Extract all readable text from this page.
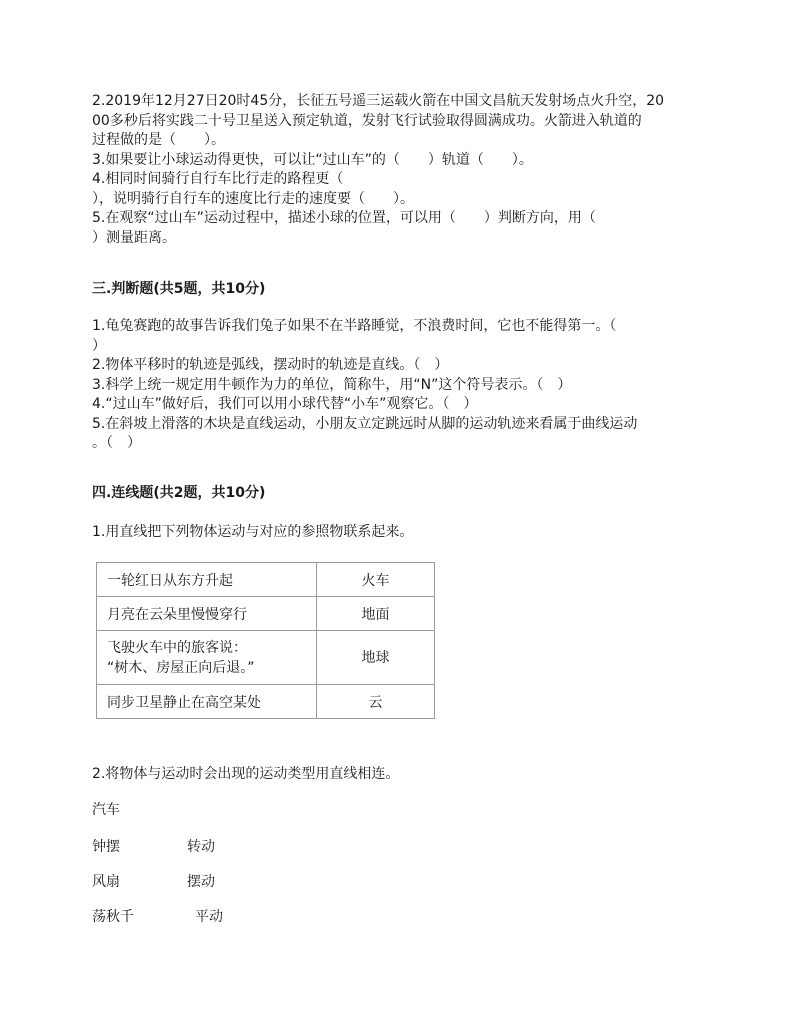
2.2019年12月27日20时45分，长征五号遥三运载火箭在中国文昌航天发射场点火升空，20
00多秒后将实践二十号卫星送入预定轨道，发射飞行试验取得圆满成功。火箭进入轨道的
过程做的是（　　）。
3.如果要让小球运动得更快，可以让“过山车”的（　　）轨道（　　）。
4.相同时间骑行自行车比行走的路程更（
），说明骑行自行车的速度比行走的速度要（　　）。
5.在观察“过山车”运动过程中，描述小球的位置，可以用（　　）判断方向，用（
）测量距离。
三.判断题(共5题，共10分)
1.龟兔赛跑的故事告诉我们兔子如果不在半路睡觉，不浪费时间，它也不能得第一。（
）
2.物体平移时的轨迹是弧线，摆动时的轨迹是直线。（　）
3.科学上统一规定用牛顿作为力的单位，简称牛，用“N”这个符号表示。（　）
4.“过山车”做好后，我们可以用小球代替“小车”观察它。（　）
5.在斜坡上滑落的木块是直线运动，小朋友立定跳远时从脚的运动轨迹来看属于曲线运动
。（　）
四.连线题(共2题，共10分)
1.用直线把下列物体运动与对应的参照物联系起来。
一轮红日从东方升起	火车
月亮在云朵里慢慢穿行	地面

飞驶火车中的旅客说：
“树木、房屋正向后退。”	地球
同步卫星静止在高空某处	云
2.将物体与运动时会出现的运动类型用直线相连。
汽车
钟摆
风扇
荡秋千
转动
摆动
平动
